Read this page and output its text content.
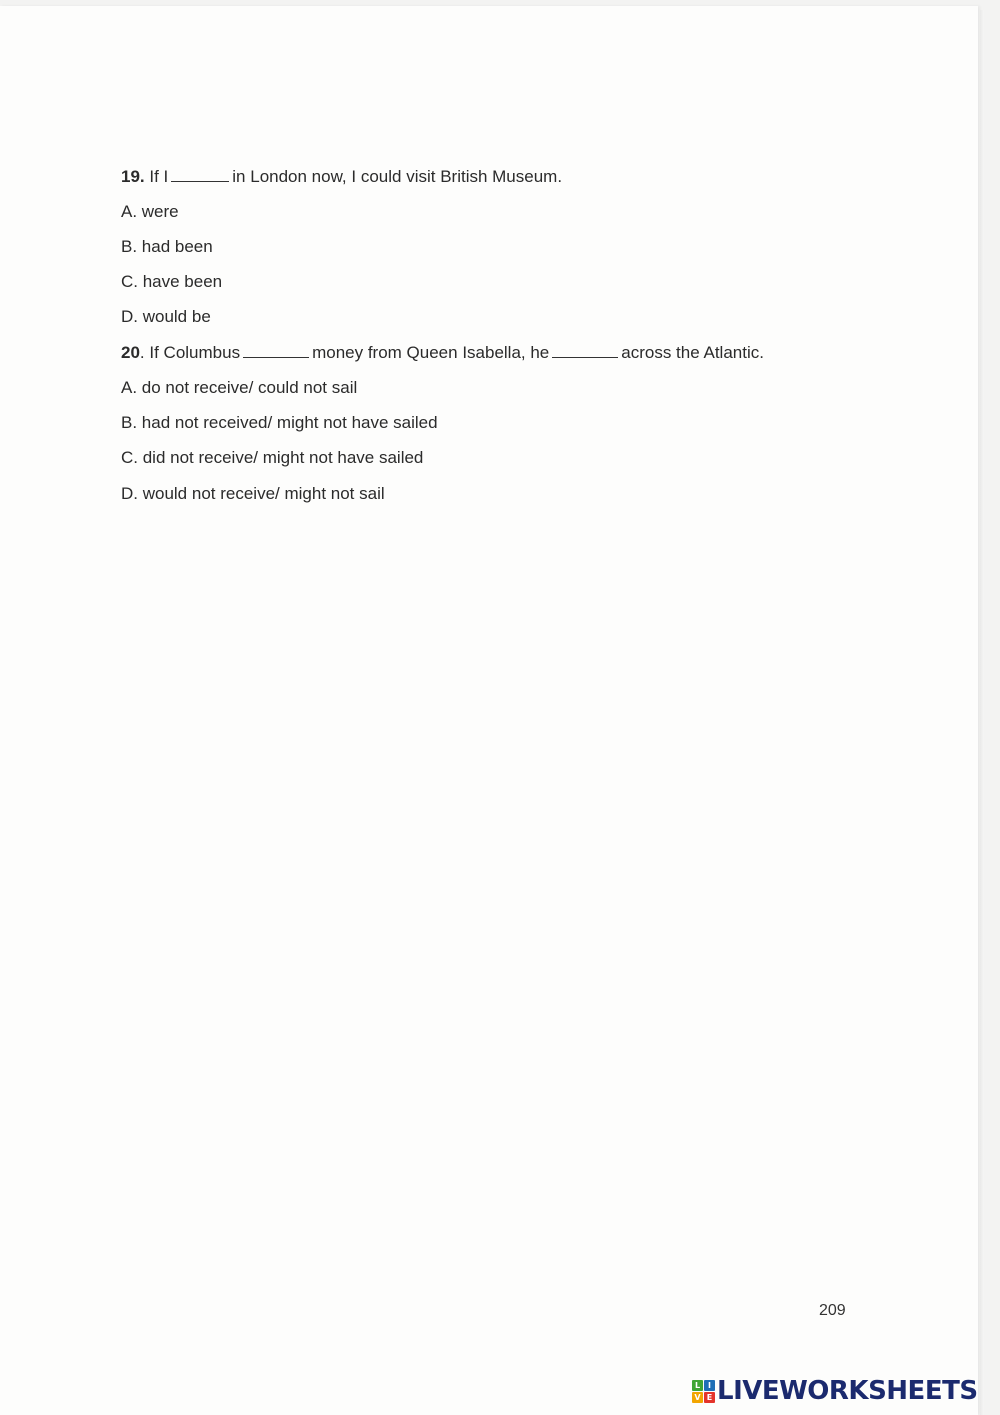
19. If I	in London now, I could visit British Museum.
A. were
B. had been
C. have been
D. would be
20. If Columbus	money from Queen Isabella, he	across the Atlantic.
A. do not receive/ could not sail
B. had not received/ might not have sailed
C. did not receive/ might not have sailed
D. would not receive/ might not sail
209
L I
V E LIVEWORKSHEETS
